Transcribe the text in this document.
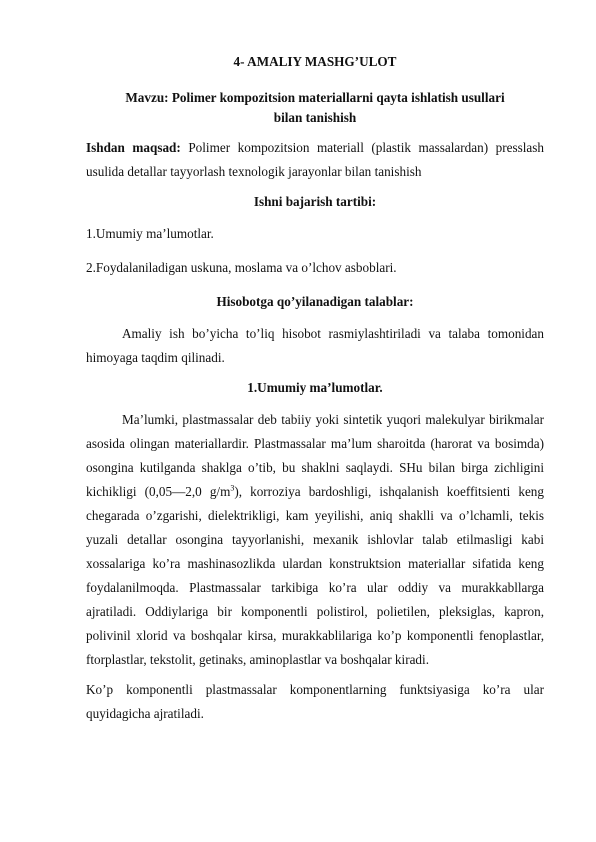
4- AMALIY MASHG’ULOT
Mavzu: Polimer kompozitsion materiallarni qayta ishlatish usullari
bilan tanishish

Ishdan maqsad: Polimer kompozitsion materiall (plastik massalardan) presslash usulida detallar tayyorlash texnologik jarayonlar bilan tanishish

Ishni bajarish tartibi:
1.Umumiy ma’lumotlar.
2.Foydalaniladigan uskuna, moslama va o’lchov asboblari.
Hisobotga qo’yilanadigan talablar:

Amaliy ish bo’yicha to’liq hisobot rasmiylashtiriladi va talaba tomonidan himoyaga taqdim qilinadi.

1.Umumiy ma’lumotlar.

Ma’lumki, plastmassalar deb tabiiy yoki sintetik yuqori malekulyar birikmalar asosida olingan materiallardir. Plastmassalar ma’lum sharoitda (harorat va bosimda) osongina kutilganda shaklga o’tib, bu shaklni saqlaydi. SHu bilan birga zichligini kichikligi (0,05—2,0 $g/m^3$), korroziya bardoshligi, ishqalanish koeffitsienti keng chegarada o’zgarishi, dielektrikligi, kam yeyilishi, aniq shaklli va o’lchamli, tekis yuzali detallar osongina tayyorlanishi, mexanik ishlovlar talab etilmasligi kabi xossalariga ko’ra mashinasozlikda ulardan konstruktsion materiallar sifatida keng foydalanilmoqda. Plastmassalar tarkibiga ko’ra ular oddiy va murakkabllarga ajratiladi. Oddiylariga bir komponentli polistirol, polietilen, pleksiglas, kapron, polivinil xlorid va boshqalar kirsa, murakkablilariga ko’p komponentli fenoplastlar, ftorplastlar, tekstolit, getinaks, aminoplastlar va boshqalar kiradi.

Ko’p komponentli plastmassalar komponentlarning funktsiyasiga ko’ra ular quyidagicha ajratiladi.
